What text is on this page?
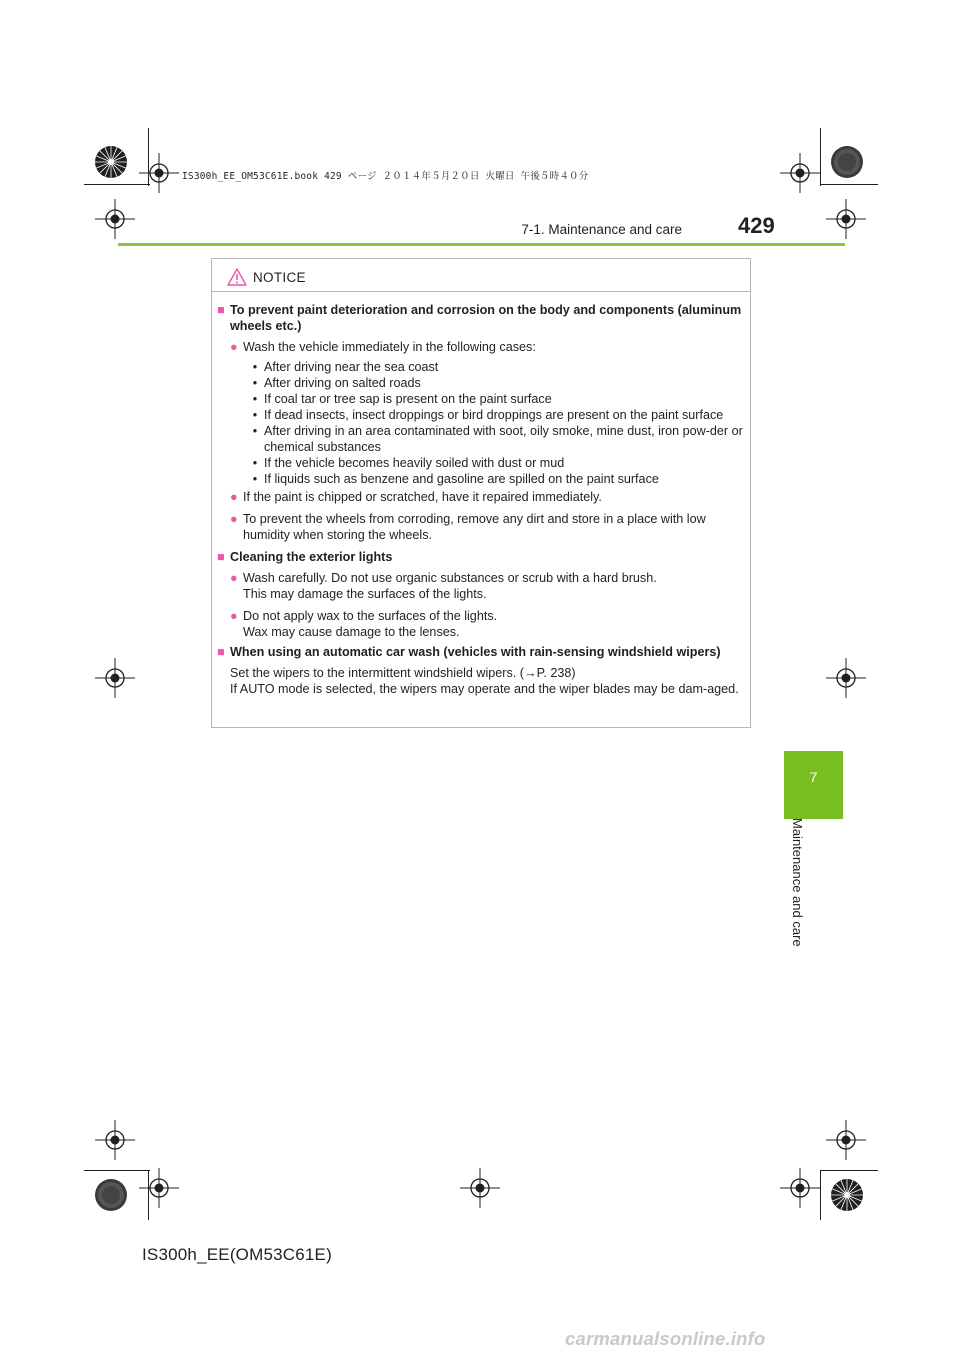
IS300h_EE_OM53C61E.book 429 ページ ２０１４年５月２０日 火曜日 午後５時４０分
7-1. Maintenance and care	429
7
Maintenance and care
NOTICE
■ To prevent paint deterioration and corrosion on the body and components (aluminum wheels etc.)
● Wash the vehicle immediately in the following cases:
• After driving near the sea coast
• After driving on salted roads
• If coal tar or tree sap is present on the paint surface
• If dead insects, insect droppings or bird droppings are present on the paint surface
• After driving in an area contaminated with soot, oily smoke, mine dust, iron pow-der or chemical substances
• If the vehicle becomes heavily soiled with dust or mud
• If liquids such as benzene and gasoline are spilled on the paint surface
● If the paint is chipped or scratched, have it repaired immediately.
● To prevent the wheels from corroding, remove any dirt and store in a place with low humidity when storing the wheels.
■ Cleaning the exterior lights
● Wash carefully. Do not use organic substances or scrub with a hard brush.
This may damage the surfaces of the lights.
● Do not apply wax to the surfaces of the lights.
Wax may cause damage to the lenses.
■ When using an automatic car wash (vehicles with rain-sensing windshield wipers)
Set the wipers to the intermittent windshield wipers. (→P. 238)
If AUTO mode is selected, the wipers may operate and the wiper blades may be dam-aged.
IS300h_EE(OM53C61E)
carmanualsonline.info
